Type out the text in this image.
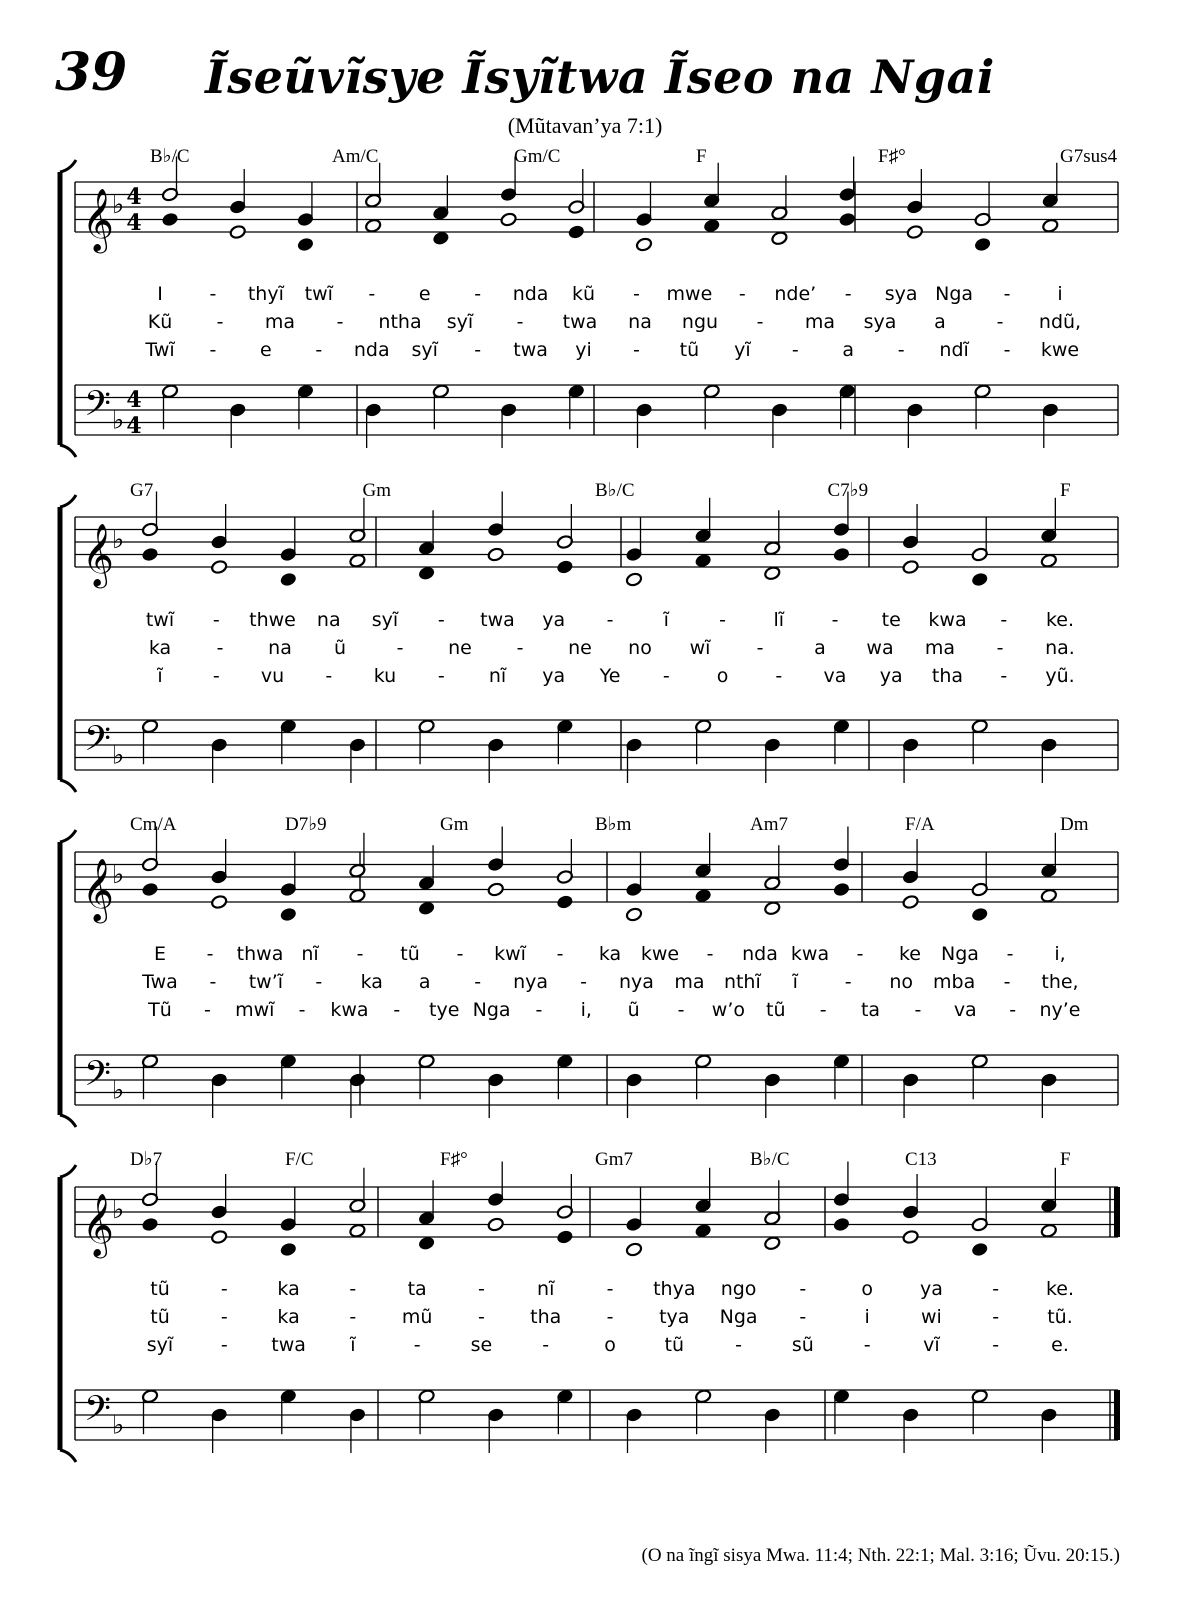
39	Ĩseũvĩsye Ĩsyĩtwa Ĩseo na Ngai
(Mũtavan’ya 7:1)
𝄞
𝄢
♭
♭
4
4
4
4
B♭/C	Am/C	Gm/C	F	F♯°	G7sus4
I - thyĩ twĩ - e - nda kũ - mwe - nde’ - sya Nga - i
Kũ - ma - ntha syĩ - twa na ngu - ma sya a	- ndũ,
Twĩ - e - nda syĩ - twa yi - tũ yĩ - a - ndĩ - kwe
𝄞
𝄢
♭
♭
G7	Gm	B♭/C	C7♭9	F
twĩ - thwe na syĩ - twa ya -	ĩ	-	lĩ	- te kwa - ke.
ka - na ũ	- ne - ne no wĩ -	a wa ma - na.
ĩ	- vu - ku - nĩ ya Ye - o - va ya tha - yũ.
𝄞
𝄢
♭
♭
Cm/A	D7♭9	Gm	B♭m	Am7	F/A	Dm
E - thwa nĩ - tũ - kwĩ - ka kwe - nda kwa - ke Nga - i,
Twa - tw’ĩ - ka a - nya - nya ma nthĩ ĩ - no mba - the,
Tũ - mwĩ - kwa - tye Nga - i, ũ - w’o tũ - ta - va - ny’e
𝄞
𝄢
♭
♭
D♭7	F/C	F♯°	Gm7	B♭/C	C13	F
tũ	-	ka	-	ta	-	nĩ	- thya ngo -	o ya	- ke.
tũ	-	ka	- mũ - tha - tya Nga -	i	wi	-	tũ.
syĩ	- twa ĩ	-	se	-	o	tũ	-	sũ	-	vĩ	-	e.
(O na ĩngĩ sisya Mwa. 11:4; Nth. 22:1; Mal. 3:16; Ũvu. 20:15.)
